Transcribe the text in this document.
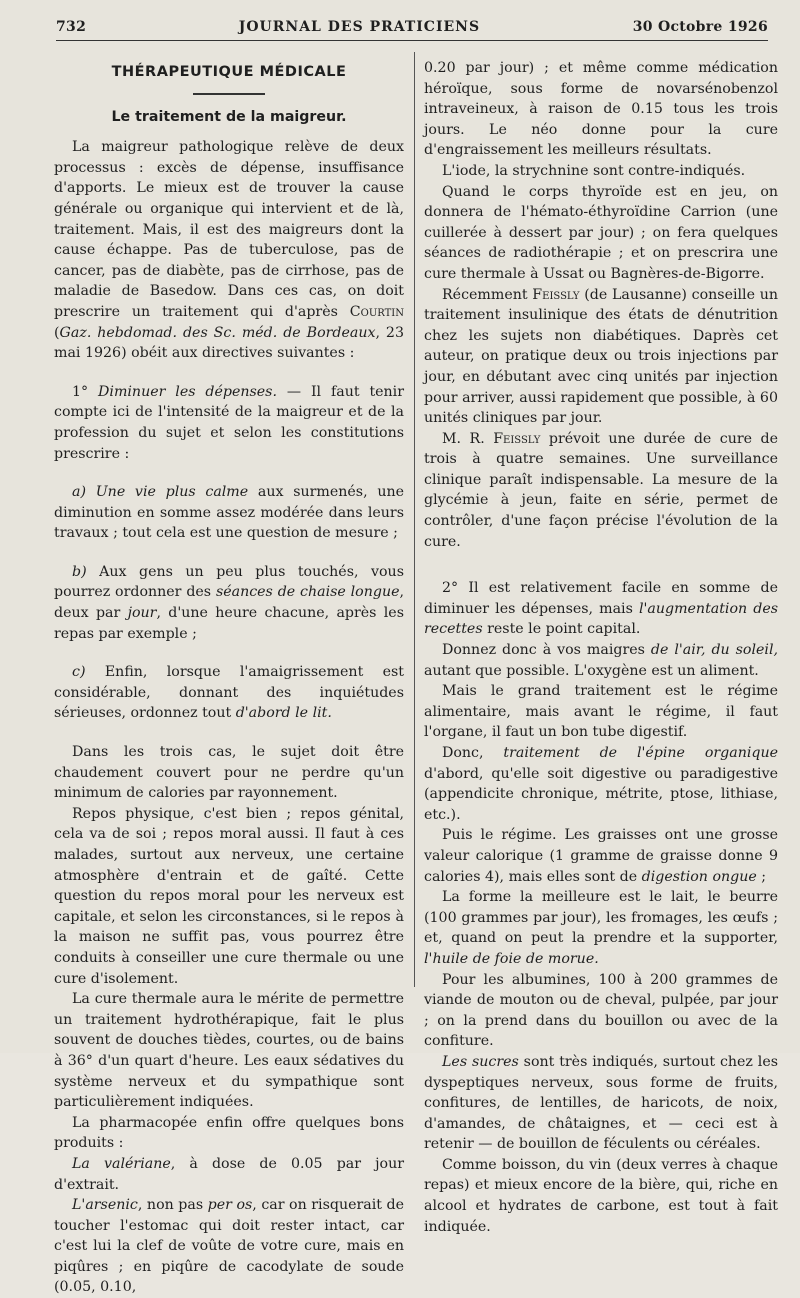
732	JOURNAL DES PRATICIENS	30 Octobre 1926
THÉRAPEUTIQUE MÉDICALE
Le traitement de la maigreur.

La maigreur pathologique relève de deux processus : excès de dépense, insuffisance d'apports. Le mieux est de trouver la cause générale ou organique qui intervient et de là, traitement. Mais, il est des maigreurs dont la cause échappe. Pas de tuberculose, pas de cancer, pas de diabète, pas de cirrhose, pas de maladie de Basedow. Dans ces cas, on doit prescrire un traitement qui d'après Courtin (Gaz. hebdomad. des Sc. méd. de Bordeaux, 23 mai 1926) obéit aux directives suivantes :

1° Diminuer les dépenses. — Il faut tenir compte ici de l'intensité de la maigreur et de la profession du sujet et selon les constitutions prescrire :

a) Une vie plus calme aux surmenés, une diminution en somme assez modérée dans leurs travaux ; tout cela est une question de mesure ;

b) Aux gens un peu plus touchés, vous pourrez ordonner des séances de chaise longue, deux par jour, d'une heure chacune, après les repas par exemple ;

c) Enfin, lorsque l'amaigrissement est considérable, donnant des inquiétudes sérieuses, ordonnez tout d'abord le lit.

Dans les trois cas, le sujet doit être chaudement couvert pour ne perdre qu'un minimum de calories par rayonnement.

Repos physique, c'est bien ; repos génital, cela va de soi ; repos moral aussi. Il faut à ces malades, surtout aux nerveux, une certaine atmosphère d'entrain et de gaîté. Cette question du repos moral pour les nerveux est capitale, et selon les circonstances, si le repos à la maison ne suffit pas, vous pourrez être conduits à conseiller une cure thermale ou une cure d'isolement.

La cure thermale aura le mérite de permettre un traitement hydrothérapique, fait le plus souvent de douches tièdes, courtes, ou de bains à 36° d'un quart d'heure. Les eaux sédatives du système nerveux et du sympathique sont particulièrement indiquées.

La pharmacopée enfin offre quelques bons produits :

La valériane, à dose de 0.05 par jour d'extrait.

L'arsenic, non pas per os, car on risquerait de toucher l'estomac qui doit rester intact, car c'est lui la clef de voûte de votre cure, mais en piqûres ; en piqûre de cacodylate de soude (0.05, 0.10,

0.20 par jour) ; et même comme médication héroïque, sous forme de novarsénobenzol intraveineux, à raison de 0.15 tous les trois jours. Le néo donne pour la cure d'engraissement les meilleurs résultats.

L'iode, la strychnine sont contre-indiqués.

Quand le corps thyroïde est en jeu, on donnera de l'hémato-éthyroïdine Carrion (une cuillerée à dessert par jour) ; on fera quelques séances de radiothérapie ; et on prescrira une cure thermale à Ussat ou Bagnères-de-Bigorre.

Récemment Feissly (de Lausanne) conseille un traitement insulinique des états de dénutrition chez les sujets non diabétiques. Daprès cet auteur, on pratique deux ou trois injections par jour, en débutant avec cinq unités par injection pour arriver, aussi rapidement que possible, à 60 unités cliniques par jour.

M. R. Feissly prévoit une durée de cure de trois à quatre semaines. Une surveillance clinique paraît indispensable. La mesure de la glycémie à jeun, faite en série, permet de contrôler, d'une façon précise l'évolution de la cure.

2° Il est relativement facile en somme de diminuer les dépenses, mais l'augmentation des recettes reste le point capital.

Donnez donc à vos maigres de l'air, du soleil, autant que possible. L'oxygène est un aliment.

Mais le grand traitement est le régime alimentaire, mais avant le régime, il faut l'organe, il faut un bon tube digestif.

Donc, traitement de l'épine organique d'abord, qu'elle soit digestive ou paradigestive (appendicite chronique, métrite, ptose, lithiase, etc.).

Puis le régime. Les graisses ont une grosse valeur calorique (1 gramme de graisse donne 9 calories 4), mais elles sont de digestion ongue ;

La forme la meilleure est le lait, le beurre (100 grammes par jour), les fromages, les œufs ; et, quand on peut la prendre et la supporter, l'huile de foie de morue.

Pour les albumines, 100 à 200 grammes de viande de mouton ou de cheval, pulpée, par jour ; on la prend dans du bouillon ou avec de la confiture.

Les sucres sont très indiqués, surtout chez les dyspeptiques nerveux, sous forme de fruits, confitures, de lentilles, de haricots, de noix, d'amandes, de châtaignes, et — ceci est à retenir — de bouillon de féculents ou céréales.

Comme boisson, du vin (deux verres à chaque repas) et mieux encore de la bière, qui, riche en alcool et hydrates de carbone, est tout à fait indiquée.
